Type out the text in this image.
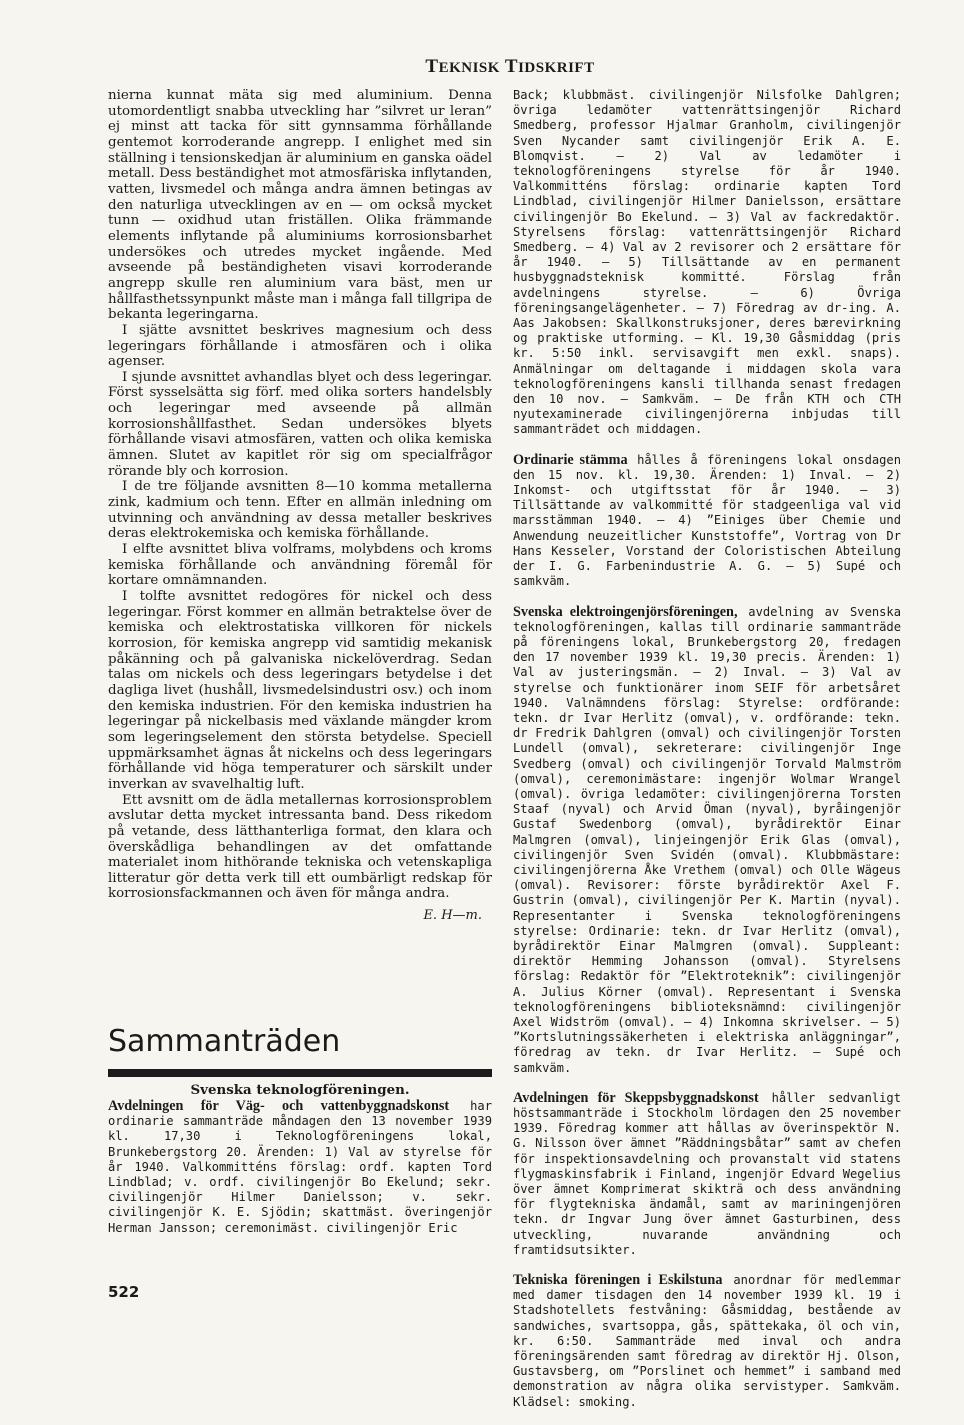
TEKNISK TIDSKRIFT

nierna kunnat mäta sig med aluminium. Denna utomordentligt snabba utveckling har ”silvret ur leran” ej minst att tacka för sitt gynnsamma förhållande gentemot korroderande angrepp. I enlighet med sin ställning i tensionskedjan är aluminium en ganska oädel metall. Dess beständighet mot atmosfäriska inflytanden, vatten, livsmedel och många andra ämnen betingas av den naturliga utvecklingen av en — om också mycket tunn — oxidhud utan friställen. Olika främmande elements inflytande på aluminiums korrosionsbarhet undersökes och utredes mycket ingående. Med avseende på beständigheten visavi korroderande angrepp skulle ren aluminium vara bäst, men ur hållfasthetssynpunkt måste man i många fall tillgripa de bekanta legeringarna.

I sjätte avsnittet beskrives magnesium och dess legeringars förhållande i atmosfären och i olika agenser.

I sjunde avsnittet avhandlas blyet och dess legeringar. Först sysselsätta sig förf. med olika sorters handelsbly och legeringar med avseende på allmän korrosionshållfasthet. Sedan undersökes blyets förhållande visavi atmosfären, vatten och olika kemiska ämnen. Slutet av kapitlet rör sig om specialfrågor rörande bly och korrosion.

I de tre följande avsnitten 8—10 komma metallerna zink, kadmium och tenn. Efter en allmän inledning om utvinning och användning av dessa metaller beskrives deras elektrokemiska och kemiska förhållande.

I elfte avsnittet bliva volframs, molybdens och kroms kemiska förhållande och användning föremål för kortare omnämnanden.

I tolfte avsnittet redogöres för nickel och dess legeringar. Först kommer en allmän betraktelse över de kemiska och elektrostatiska villkoren för nickels korrosion, för kemiska angrepp vid samtidig mekanisk påkänning och på galvaniska nickelöverdrag. Sedan talas om nickels och dess legeringars betydelse i det dagliga livet (hushåll, livsmedelsindustri osv.) och inom den kemiska industrien. För den kemiska industrien ha legeringar på nickelbasis med växlande mängder krom som legeringselement den största betydelse. Speciell uppmärksamhet ägnas åt nickelns och dess legeringars förhållande vid höga temperaturer och särskilt under inverkan av svavelhaltig luft.

Ett avsnitt om de ädla metallernas korrosionsproblem avslutar detta mycket intressanta band. Dess rikedom på vetande, dess lätthanterliga format, den klara och överskådliga behandlingen av det omfattande materialet inom hithörande tekniska och vetenskapliga litteratur gör detta verk till ett oumbärligt redskap för korrosionsfackmannen och även för många andra.

E. H—m.

Sammanträden
Svenska teknologföreningen.

Avdelningen för Väg- och vattenbyggnadskonst har ordinarie sammanträde måndagen den 13 november 1939 kl. 17,30 i Teknologföreningens lokal, Brunkebergstorg 20. Ärenden: 1) Val av styrelse för år 1940. Valkommitténs förslag: ordf. kapten Tord Lindblad; v. ordf. civilingenjör Bo Ekelund; sekr. civilingenjör Hilmer Danielsson; v. sekr. civilingenjör K. E. Sjödin; skattmäst. överingenjör Herman Jansson; ceremonimäst. civilingenjör Eric

Back; klubbmäst. civilingenjör Nilsfolke Dahlgren; övriga ledamöter vattenrättsingenjör Richard Smedberg, professor Hjalmar Granholm, civilingenjör Sven Nycander samt civilingenjör Erik A. E. Blomqvist. — 2) Val av ledamöter i teknologföreningens styrelse för år 1940. Valkommitténs förslag: ordinarie kapten Tord Lindblad, civilingenjör Hilmer Danielsson, ersättare civilingenjör Bo Ekelund. — 3) Val av fackredaktör. Styrelsens förslag: vattenrättsingenjör Richard Smedberg. — 4) Val av 2 revisorer och 2 ersättare för år 1940. — 5) Tillsättande av en permanent husbyggnadsteknisk kommitté. Förslag från avdelningens styrelse. — 6) Övriga föreningsangelägenheter. — 7) Föredrag av dr-ing. A. Aas Jakobsen: Skallkonstruksjoner, deres bærevirkning og praktiske utforming. — Kl. 19,30 Gåsmiddag (pris kr. 5:50 inkl. servisavgift men exkl. snaps). Anmälningar om deltagande i middagen skola vara teknologföreningens kansli tillhanda senast fredagen den 10 nov. — Samkväm. — De från KTH och CTH nyutexaminerade civilingenjörerna inbjudas till sammanträdet och middagen.

Ordinarie stämma hålles å föreningens lokal onsdagen den 15 nov. kl. 19,30. Ärenden: 1) Inval. — 2) Inkomst- och utgiftsstat för år 1940. — 3) Tillsättande av valkommitté för stadgeenliga val vid marsstämman 1940. — 4) ”Einiges über Chemie und Anwendung neuzeitlicher Kunststoffe”, Vortrag von Dr Hans Kesseler, Vorstand der Coloristischen Abteilung der I. G. Farbenindustrie A. G. — 5) Supé och samkväm.

Svenska elektroingenjörsföreningen, avdelning av Svenska teknologföreningen, kallas till ordinarie sammanträde på föreningens lokal, Brunkebergstorg 20, fredagen den 17 november 1939 kl. 19,30 precis. Ärenden: 1) Val av justeringsmän. — 2) Inval. — 3) Val av styrelse och funktionärer inom SEIF för arbetsåret 1940. Valnämndens förslag: Styrelse: ordförande: tekn. dr Ivar Herlitz (omval), v. ordförande: tekn. dr Fredrik Dahlgren (omval) och civilingenjör Torsten Lundell (omval), sekreterare: civilingenjör Inge Svedberg (omval) och civilingenjör Torvald Malmström (omval), ceremonimästare: ingenjör Wolmar Wrangel (omval). övriga ledamöter: civilingenjörerna Torsten Staaf (nyval) och Arvid Öman (nyval), byråingenjör Gustaf Swedenborg (omval), byrådirektör Einar Malmgren (omval), linjeingenjör Erik Glas (omval), civilingenjör Sven Svidén (omval). Klubbmästare: civilingenjörerna Åke Vrethem (omval) och Olle Wägeus (omval). Revisorer: förste byrådirektör Axel F. Gustrin (omval), civilingenjör Per K. Martin (nyval). Representanter i Svenska teknologföreningens styrelse: Ordinarie: tekn. dr Ivar Herlitz (omval), byrådirektör Einar Malmgren (omval). Suppleant: direktör Hemming Johansson (omval). Styrelsens förslag: Redaktör för ”Elektroteknik”: civilingenjör A. Julius Körner (omval). Representant i Svenska teknologföreningens biblioteksnämnd: civilingenjör Axel Widström (omval). — 4) Inkomna skrivelser. — 5) ”Kortslutningssäkerheten i elektriska anläggningar”, föredrag av tekn. dr Ivar Herlitz. — Supé och samkväm.

Avdelningen för Skeppsbyggnadskonst håller sedvanligt höstsammanträde i Stockholm lördagen den 25 november 1939. Föredrag kommer att hållas av överinspektör N. G. Nilsson över ämnet ”Räddningsbåtar” samt av chefen för inspektionsavdelning och provanstalt vid statens flygmaskinsfabrik i Finland, ingenjör Edvard Wegelius över ämnet Komprimerat skikträ och dess användning för flygtekniska ändamål, samt av mariningenjören tekn. dr Ingvar Jung över ämnet Gasturbinen, dess utveckling, nuvarande användning och framtidsutsikter.

Tekniska föreningen i Eskilstuna anordnar för medlemmar med damer tisdagen den 14 november 1939 kl. 19 i Stadshotellets festvåning: Gåsmiddag, bestående av sandwiches, svartsoppa, gås, spättekaka, öl och vin, kr. 6:50. Sammanträde med inval och andra föreningsärenden samt föredrag av direktör Hj. Olson, Gustavsberg, om ”Porslinet och hemmet” i samband med demonstration av några olika servistyper. Samkväm. Klädsel: smoking.

522
